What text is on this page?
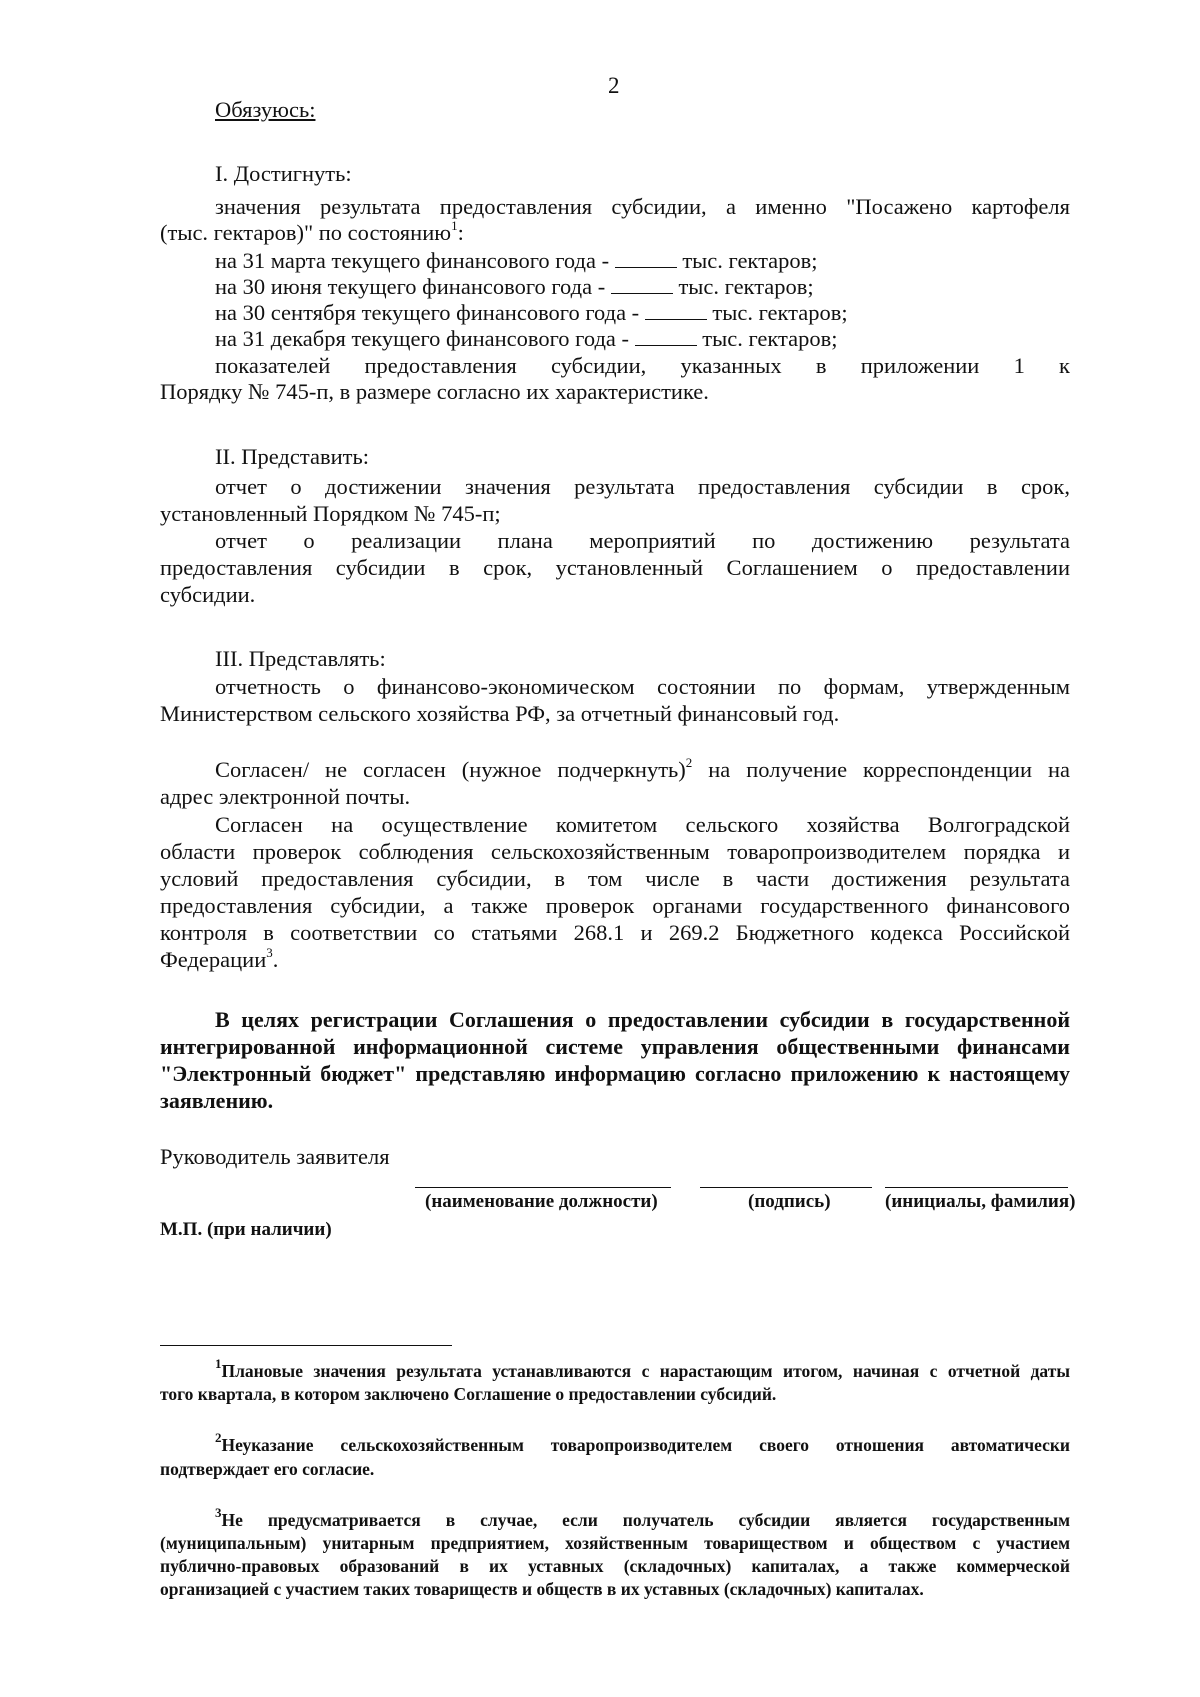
2
Обязуюсь:
I. Достигнуть:
значения результата предоставления субсидии, а именно "Посажено картофеля
(тыс. гектаров)" по состоянию$^1$:
на 31 марта текущего финансового года -	тыс. гектаров;
на 30 июня текущего финансового года -	тыс. гектаров;
на 30 сентября текущего финансового года -	тыс. гектаров;
на 31 декабря текущего финансового года -	тыс. гектаров;
показателей предоставления субсидии, указанных в приложении 1 к
Порядку № 745-п, в размере согласно их характеристике.
II. Представить:
отчет о достижении значения результата предоставления субсидии в срок,
установленный Порядком № 745-п;
отчет о реализации плана мероприятий по достижению результата
предоставления субсидии в срок, установленный Соглашением о предоставлении
субсидии.
III. Представлять:
отчетность о финансово-экономическом состоянии по формам, утвержденным
Министерством сельского хозяйства РФ, за отчетный финансовый год.
Согласен/ не согласен (нужное подчеркнуть)$^2$ на получение корреспонденции на
адрес электронной почты.
Согласен на осуществление комитетом сельского хозяйства Волгоградской
области проверок соблюдения сельскохозяйственным товаропроизводителем порядка и
условий предоставления субсидии, в том числе в части достижения результата
предоставления субсидии, а также проверок органами государственного финансового
контроля в соответствии со статьями 268.1 и 269.2 Бюджетного кодекса Российской
Федерации$^3$.
В целях регистрации Соглашения о предоставлении субсидии в государственной
интегрированной информационной системе управления общественными финансами
"Электронный бюджет" представляю информацию согласно приложению к настоящему
заявлению.
Руководитель заявителя
(наименование должности)	(подпись)	(инициалы, фамилия)
М.П. (при наличии)
$^1$Плановые значения результата устанавливаются с нарастающим итогом, начиная с отчетной даты
того квартала, в котором заключено Соглашение о предоставлении субсидий.
$^2$Неуказание сельскохозяйственным товаропроизводителем своего отношения автоматически
подтверждает его согласие.
$^3$Не предусматривается в случае, если получатель субсидии является государственным
(муниципальным) унитарным предприятием, хозяйственным товариществом и обществом с участием
публично-правовых образований в их уставных (складочных) капиталах, а также коммерческой
организацией с участием таких товариществ и обществ в их уставных (складочных) капиталах.
